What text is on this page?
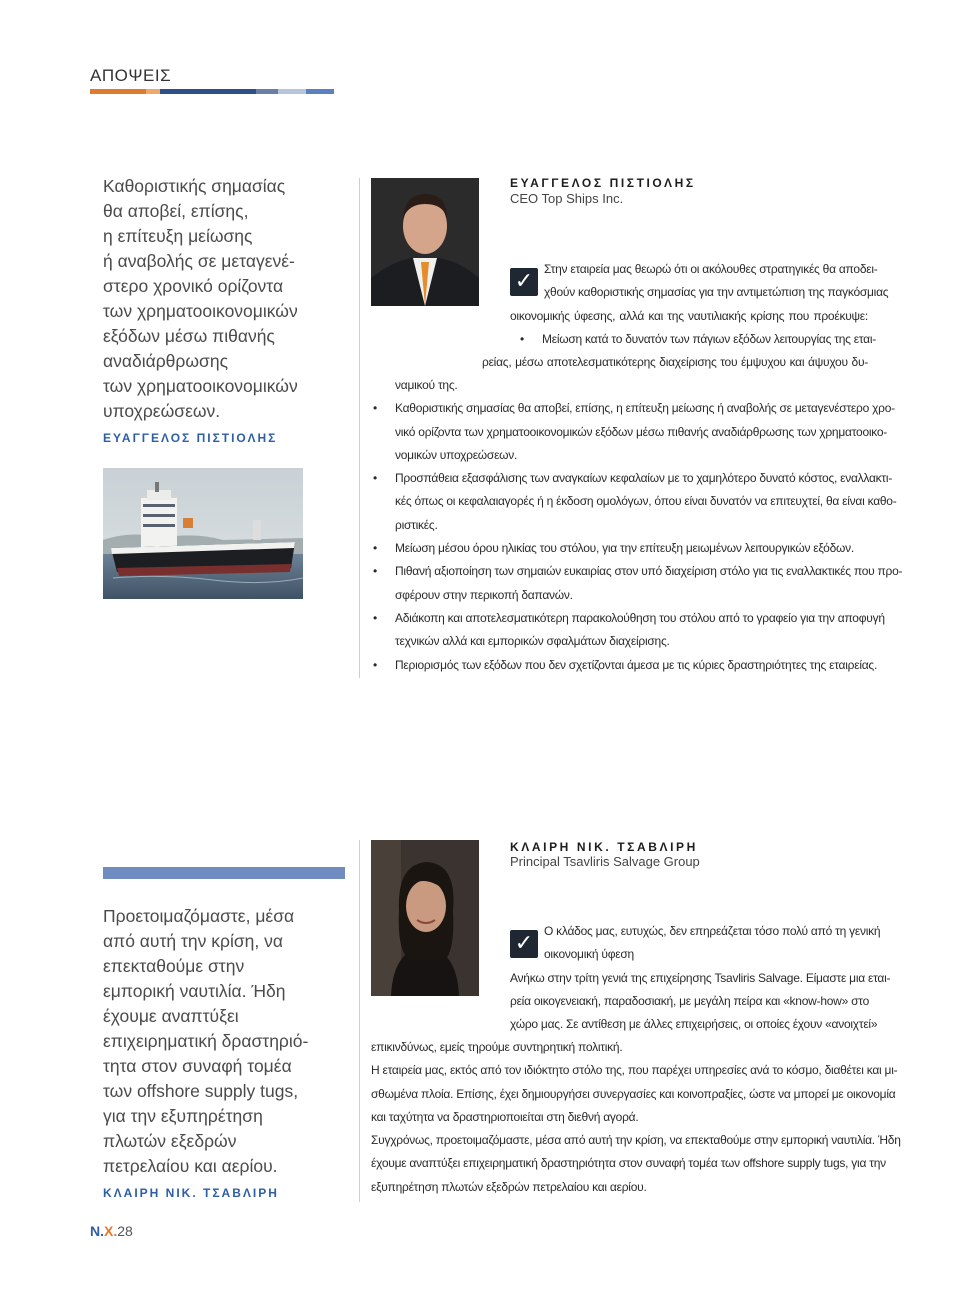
ΑΠΟΨΕΙΣ
Καθοριστικής σημασίας
θα αποβεί, επίσης,
η επίτευξη μείωσης
ή αναβολής σε μεταγενέ-
στερο χρονικό ορίζοντα
των χρηματοοικονομικών
εξόδων μέσω πιθανής
αναδιάρθρωσης
των χρηματοοικονομικών
υποχρεώσεων.
ΕΥΑΓΓΕΛΟΣ ΠΙΣΤΙΟΛΗΣ
ΕΥΑΓΓΕΛΟΣ ΠΙΣΤΙΟΛΗΣ
CEO Top Ships Inc.
✓ Στην εταιρεία μας θεωρώ ότι οι ακόλουθες στρατηγικές θα αποδει-
χθούν καθοριστικής σημασίας για την αντιμετώπιση της παγκόσμιας
οικονομικής ύφεσης, αλλά και της ναυτιλιακής κρίσης που προέκυψε:
• Μείωση κατά το δυνατόν των πάγιων εξόδων λειτουργίας της εται-
ρείας, μέσω αποτελεσματικότερης διαχείρισης του έμψυχου και άψυχου δυ-
ναμικού της.
• Καθοριστικής σημασίας θα αποβεί, επίσης, η επίτευξη μείωσης ή αναβολής σε μεταγενέστερο χρο-
νικό ορίζοντα των χρηματοοικονομικών εξόδων μέσω πιθανής αναδιάρθρωσης των χρηματοοικο-
νομικών υποχρεώσεων.
• Προσπάθεια εξασφάλισης των αναγκαίων κεφαλαίων με το χαμηλότερο δυνατό κόστος, εναλλακτι-
κές όπως οι κεφαλαιαγορές ή η έκδοση ομολόγων, όπου είναι δυνατόν να επιτευχτεί, θα είναι καθο-
ριστικές.
• Μείωση μέσου όρου ηλικίας του στόλου, για την επίτευξη μειωμένων λειτουργικών εξόδων.
• Πιθανή αξιοποίηση των σημαιών ευκαιρίας στον υπό διαχείριση στόλο για τις εναλλακτικές που προ-
σφέρουν στην περικοπή δαπανών.
• Αδιάκοπη και αποτελεσματικότερη παρακολούθηση του στόλου από το γραφείο για την αποφυγή
τεχνικών αλλά και εμπορικών σφαλμάτων διαχείρισης.
• Περιορισμός των εξόδων που δεν σχετίζονται άμεσα με τις κύριες δραστηριότητες της εταιρείας.
Προετοιμαζόμαστε, μέσα
από αυτή την κρίση, να
επεκταθούμε στην
εμπορική ναυτιλία. Ήδη
έχουμε αναπτύξει
επιχειρηματική δραστηριό-
τητα στον συναφή τομέα
των offshore supply tugs,
για την εξυπηρέτηση
πλωτών εξεδρών
πετρελαίου και αερίου.
ΚΛΑΙΡΗ ΝΙΚ. ΤΣΑΒΛΙΡΗ
ΚΛΑΙΡΗ ΝΙΚ. ΤΣΑΒΛΙΡΗ
Principal Tsavliris Salvage Group
✓ Ο κλάδος μας, ευτυχώς, δεν επηρεάζεται τόσο πολύ από τη γενική
οικονομική ύφεση
Ανήκω στην τρίτη γενιά της επιχείρησης Tsavliris Salvage. Είμαστε μια εται-
ρεία οικογενειακή, παραδοσιακή, με μεγάλη πείρα και «know-how» στο
χώρο μας. Σε αντίθεση με άλλες επιχειρήσεις, οι οποίες έχουν «ανοιχτεί»
επικινδύνως, εμείς τηρούμε συντηρητική πολιτική.
Η εταιρεία μας, εκτός από τον ιδιόκτητο στόλο της, που παρέχει υπηρεσίες ανά το κόσμο, διαθέτει και μι-
σθωμένα πλοία. Επίσης, έχει δημιουργήσει συνεργασίες και κοινοπραξίες, ώστε να μπορεί με οικονομία
και ταχύτητα να δραστηριοποιείται στη διεθνή αγορά.
Συγχρόνως, προετοιμαζόμαστε, μέσα από αυτή την κρίση, να επεκταθούμε στην εμπορική ναυτιλία. Ήδη
έχουμε αναπτύξει επιχειρηματική δραστηριότητα στον συναφή τομέα των offshore supply tugs, για την
εξυπηρέτηση πλωτών εξεδρών πετρελαίου και αερίου.
Ν.Χ.28
